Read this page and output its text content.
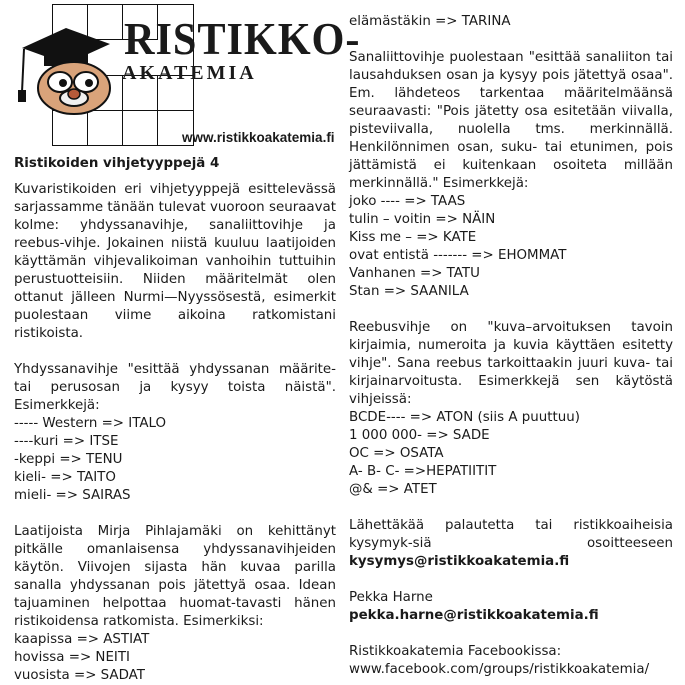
RISTIKKO-
AKATEMIA
www.ristikkoakatemia.fi
Ristikoiden vihjetyyppejä 4

Kuvaristikoiden eri vihjetyyppejä esittelevässä sarjassamme tänään tulevat vuoroon seuraavat kolme: yhdyssanavihje, sanaliittovihje ja reebus-vihje. Jokainen niistä kuuluu laatijoiden käyttämän vihjevalikoiman vanhoihin tuttuihin perustuotteisiin. Niiden määritelmät olen ottanut jälleen Nurmi—Nyyssösestä, esimerkit puolestaan viime aikoina ratkomistani ristikoista.

Yhdyssanavihje "esittää yhdyssanan määrite- tai perusosan ja kysyy toista näistä". Esimerkkejä:

----- Western => ITALO
----kuri => ITSE
-keppi => TENU
kieli- => TAITO
mieli- => SAIRAS

Laatijoista Mirja Pihlajamäki on kehittänyt pitkälle omanlaisensa yhdyssanavihjeiden käytön. Viivojen sijasta hän kuvaa parilla sanalla yhdyssanan pois jätettyä osaa. Idean tajuaminen helpottaa huomat-tavasti hänen ristikoidensa ratkomista. Esimerkiksi:

kaapissa => ASTIAT
hovissa => NEITI
vuosista => SADAT
elämästäkin => TARINA

Sanaliittovihje puolestaan "esittää sanaliiton tai lausahduksen osan ja kysyy pois jätettyä osaa". Em. lähdeteos tarkentaa määritelmäänsä seuraavasti: "Pois jätetty osa esitetään viivalla, pisteviivalla, nuolella tms. merkinnällä. Henkilönnimen osan, suku- tai etunimen, pois jättämistä ei kuitenkaan osoiteta millään merkinnällä." Esimerkkejä:

joko ---- => TAAS
tulin – voitin => NÄIN
Kiss me – => KATE
ovat entistä ------- => EHOMMAT
Vanhanen => TATU
Stan => SAANILA

Reebusvihje on "kuva–arvoituksen tavoin kirjaimia, numeroita ja kuvia käyttäen esitetty vihje". Sana reebus tarkoittaakin juuri kuva- tai kirjainarvoitusta. Esimerkkejä sen käytöstä vihjeissä:

BCDE---- => ATON (siis A puuttuu)
1 000 000- => SADE
OC => OSATA
A- B- C- =>HEPATIITIT
@& => ATET

Lähettäkää palautetta tai ristikkoaiheisia kysymyk-siä osoitteeseen kysymys@ristikkoakatemia.fi

Pekka Harne
pekka.harne@ristikkoakatemia.fi
Ristikkoakatemia Facebookissa:
www.facebook.com/groups/ristikkoakatemia/
